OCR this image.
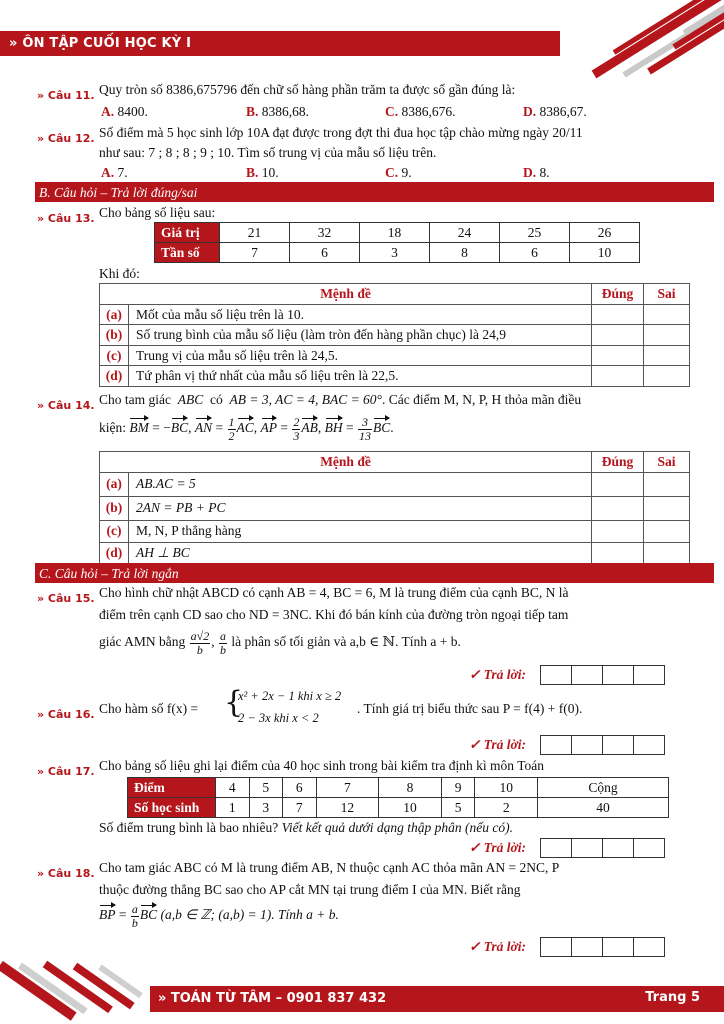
» ÔN TẬP CUỐI HỌC KỲ I
» Câu 11. Quy tròn số 8386,675796 đến chữ số hàng phần trăm ta được số gần đúng là:
A. 8400.	B. 8386,68.	C. 8386,676.	D. 8386,67.
» Câu 12. Số điểm mà 5 học sinh lớp 10A đạt được trong đợt thi đua học tập chào mừng ngày 20/11
như sau: 7 ; 8 ; 8 ; 9 ; 10. Tìm số trung vị của mẫu số liệu trên.
A. 7.	B. 10.	C. 9.	D. 8.
B. Câu hỏi – Trả lời đúng/sai
» Câu 13. Cho bảng số liệu sau:
Giá trị	21	32	18	24	25	26
Tần số	7	6	3	8	6	10
Khi đó:
Mệnh đề		Đúng	Sai
(a)	Mốt của mẫu số liệu trên là 10.		
(b)	Số trung bình của mẫu số liệu (làm tròn đến hàng phần chục) là 24,9		
(c)	Trung vị của mẫu số liệu trên là 24,5.		
(d)	Tứ phân vị thứ nhất của mẫu số liệu trên là 22,5.		
» Câu 14. Cho tam giác ABC có AB = 3, AC = 4, BAC = 60°. Các điểm M, N, P, H thỏa mãn điều
kiện: BM = −BC, AN = $\frac{1}{2}$ AC, AP = $\frac{2}{3}$ AB, BH = $\frac{3}{13}$ BC.
Mệnh đề		Đúng	Sai
(a)	AB.AC = 5		
(b)	2AN = PB + PC		
(c)	M, N, P thẳng hàng		
(d)	AH ⊥ BC		
C. Câu hỏi – Trả lời ngắn
» Câu 15. Cho hình chữ nhật ABCD có cạnh AB = 4, BC = 6, M là trung điểm của cạnh BC, N là
điểm trên cạnh CD sao cho ND = 3NC. Khi đó bán kính của đường tròn ngoại tiếp tam
giác AMN bằng $\frac{a√2}{b}$ , $\frac{a}{b}$ là phân số tối giản và a,b ∈ ℕ. Tính a + b.
✓ Trả lời:
» Câu 16. Cho hàm số f(x) = {
x² + 2x − 1 khi x ≥ 2
2 − 3x khi x < 2
. Tính giá trị biểu thức sau P = f(4) + f(0).
✓ Trả lời:
» Câu 17. Cho bảng số liệu ghi lại điểm của 40 học sinh trong bài kiểm tra định kì môn Toán
Điểm	4	5	6	7	8	9	10	Cộng
Số học sinh	1	3	7	12	10	5	2	40
Số điểm trung bình là bao nhiêu? Viết kết quả dưới dạng thập phân (nếu có).
✓ Trả lời:
» Câu 18. Cho tam giác ABC có M là trung điểm AB, N thuộc cạnh AC thỏa mãn AN = 2NC, P
thuộc đường thẳng BC sao cho AP cắt MN tại trung điểm I của MN. Biết rằng
BP = $\frac{a}{b}$ BC (a,b ∈ ℤ; (a,b) = 1). Tính a + b.
✓ Trả lời:
» TOÁN TỪ TÂM – 0901 837 432	Trang 5
